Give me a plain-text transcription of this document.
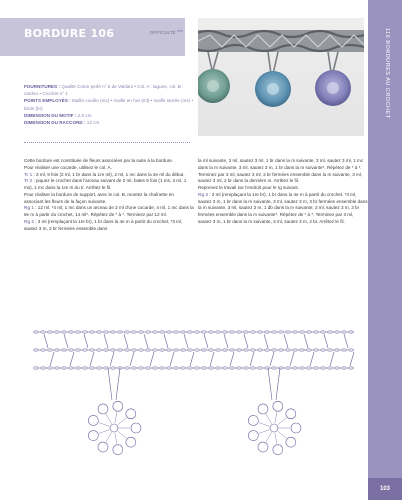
BORDURE 106	DIFFICULTÉ ***	116 BORDURES AU CROCHET
103
FOURNITURES : Qualité Coton perlé n° 8 de Valdani • Col. A : lagune, col. B : cardon • Crochet n° 1
POINTS EMPLOYÉS : Maille coulée (mc) • maille en l'air (ml) • maille serrée (ms) • bride (br)
DIMENSION DU MOTIF : 2,5 cm
DIMENSION DU RACCORD : 12 cm

Cette bordure est constituée de fleurs associées par la suite à la bordure.

Pour réaliser une cocarde, utilisez le col. A.

Tr 1 : 3 ml, 9 fois (2 ml, 1 br dans la 1re ml), 2 ml, 1 mc dans la 3e ml du début.

Tr 2 : piquez le crochet dans l'arceau suivant de 2 ml, faites 9 fois (1 ms, 3 ml, 1 ms), 1 mc dans la 1re m du tr. Arrêtez le fil.

Pour réaliser la bordure de support, avec le col. B, montez la chaînette en associant les fleurs de la façon suivante.

Rg 1 : 12 ml, *4 ml, 1 mc dans un arceau de 2 ml d'une cocarde, 4 ml, 1 mc dans la 8e m à partir du crochet, 14 ml*. Répétez de * à *. Terminez par 12 ml.

Rg 2 : 3 ml (remplaçant la 1re br), 1 br dans la 4e m à partir du crochet, *3 ml, sautez 3 m, 3 br fermées ensemble dans

la ml suivante, 3 ml, sautez 3 ml, 1 br dans la m suivante, 3 ml, sautez 3 ml, 1 mc dans la m suivante, 3 ml, sautez 3 m, 1 br dans la m suivante*. Répétez de * à *. Terminez par 3 ml, sautez 3 ml, 3 br fermées ensemble dans la m suivante, 3 ml, sautez 3 ml, 2 br dans la dernière m. Arrêtez le fil.

Reprenez le travail sur l'endroit pour le rg suivant.

Rg 3 : 3 ml (remplaçant la 1re br), 1 br dans la 4e m à partir du crochet, *3 ml, sautez 3 m, 1 br dans la m suivante, 3 ml, sautez 3 m, 3 br fermées ensemble dans la m suivante, 3 ml, sautez 3 m, 1 db dans la m suivante, 3 ml, sautez 3 m, 3 br fermées ensemble dans la m suivante*. Répétez de * à *. Terminez par 3 ml, sautez 3 m, 1 br dans la m suivante, 3 ml, sautez 3 m, 2 br. Arrêtez le fil.
